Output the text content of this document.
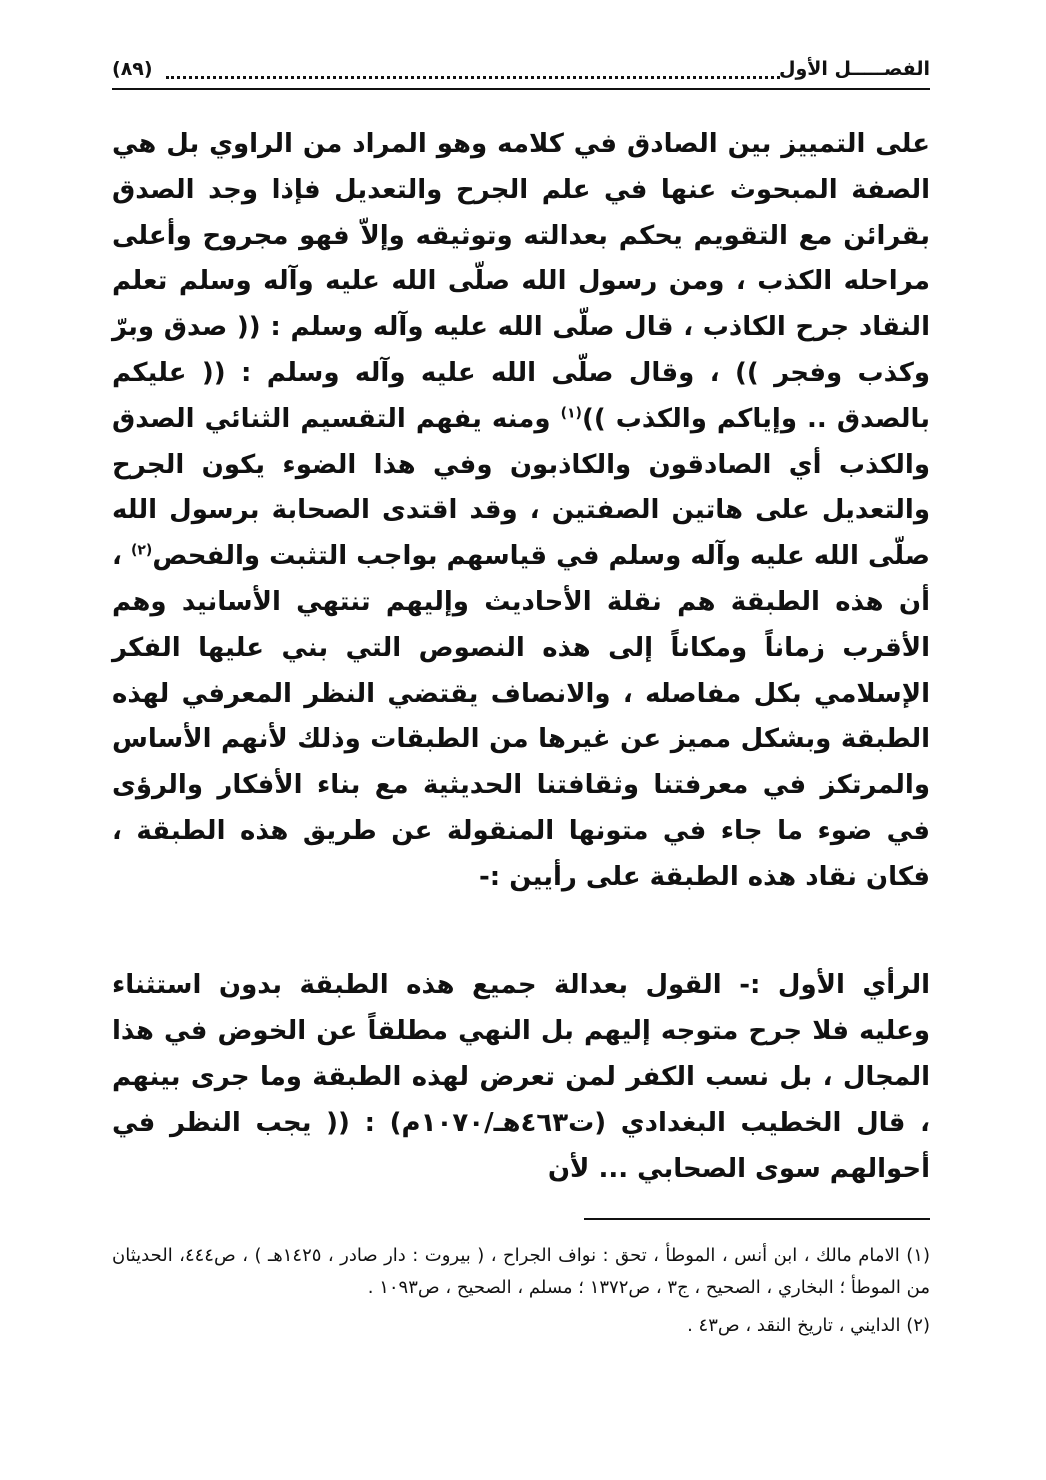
الفصـــــل الأول
(٨٩)

على التمييز بين الصادق في كلامه وهو المراد من الراوي بل هي الصفة المبحوث عنها في علم الجرح والتعديل فإذا وجد الصدق بقرائن مع التقويم يحكم بعدالته وتوثيقه وإلاّ فهو مجروح وأعلى مراحله الكذب ، ومن رسول الله صلّى الله عليه وآله وسلم تعلم النقاد جرح الكاذب ، قال صلّى الله عليه وآله وسلم : (( صدق وبرّ وكذب وفجر )) ، وقال صلّى الله عليه وآله وسلم : (( عليكم بالصدق .. وإياكم والكذب ))$^{(١)}$ ومنه يفهم التقسيم الثنائي الصدق والكذب أي الصادقون والكاذبون وفي هذا الضوء يكون الجرح والتعديل على هاتين الصفتين ، وقد اقتدى الصحابة برسول الله صلّى الله عليه وآله وسلم في قياسهم بواجب التثبت والفحص$^{(٢)}$ ، أن هذه الطبقة هم نقلة الأحاديث وإليهم تنتهي الأسانيد وهم الأقرب زماناً ومكاناً إلى هذه النصوص التي بني عليها الفكر الإسلامي بكل مفاصله ، والانصاف يقتضي النظر المعرفي لهذه الطبقة وبشكل مميز عن غيرها من الطبقات وذلك لأنهم الأساس والمرتكز في معرفتنا وثقافتنا الحديثية مع بناء الأفكار والرؤى في ضوء ما جاء في متونها المنقولة عن طريق هذه الطبقة ، فكان نقاد هذه الطبقة على رأيين :-

الرأي الأول :- القول بعدالة جميع هذه الطبقة بدون استثناء وعليه فلا جرح متوجه إليهم بل النهي مطلقاً عن الخوض في هذا المجال ، بل نسب الكفر لمن تعرض لهذه الطبقة وما جرى بينهم ، قال الخطيب البغدادي (ت٤٦٣هـ/١٠٧٠م) : (( يجب النظر في أحوالهم سوى الصحابي ... لأن

(١) الامام مالك ، ابن أنس ، الموطأ ، تحق : نواف الجراح ، ( بيروت : دار صادر ، ١٤٢٥هـ ) ، ص٤٤٤، الحديثان من الموطأ ؛ البخاري ، الصحيح ، ج٣ ، ص١٣٧٢ ؛ مسلم ، الصحيح ، ص١٠٩٣ .

(٢) الدايني ، تاريخ النقد ، ص٤٣ .
